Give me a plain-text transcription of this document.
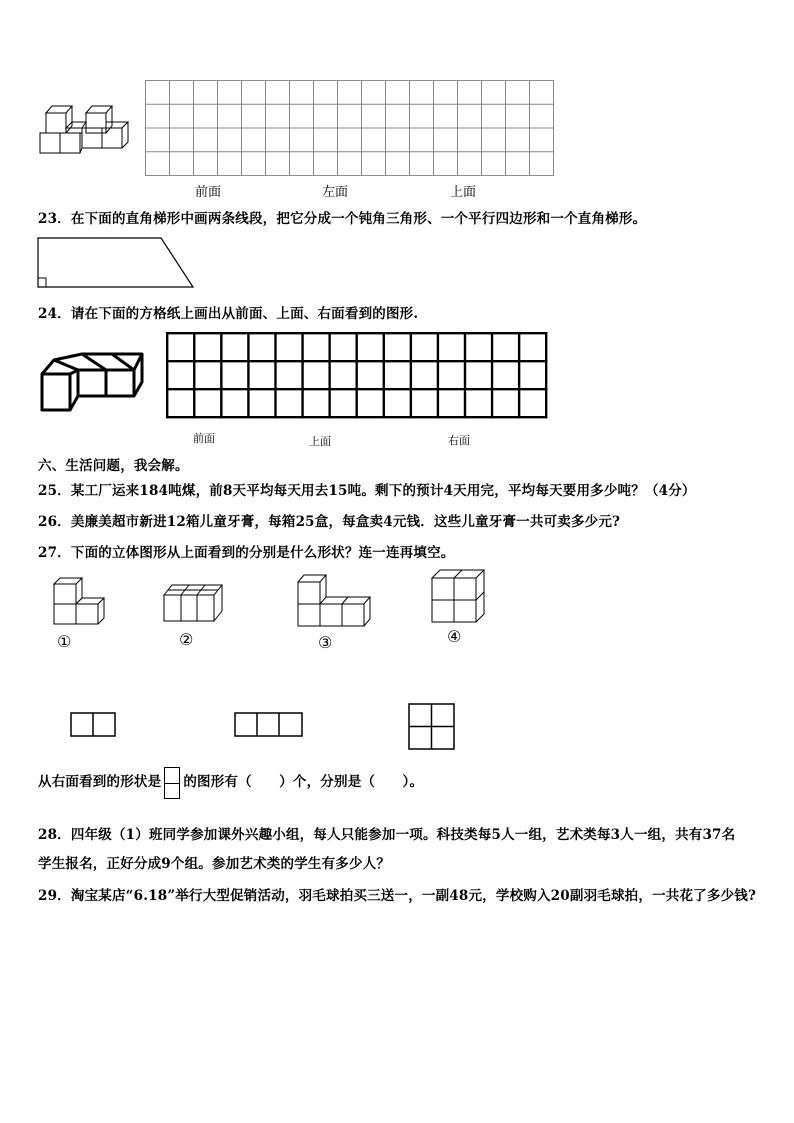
前面	左面	上面
23．在下面的直角梯形中画两条线段，把它分成一个钝角三角形、一个平行四边形和一个直角梯形。
24．请在下面的方格纸上画出从前面、上面、右面看到的图形.
前面	上面	右面
六、生活问题，我会解。
25．某工厂运来184吨煤，前8天平均每天用去15吨。剩下的预计4天用完，平均每天要用多少吨？（4分）
26．美廉美超市新进12箱儿童牙膏，每箱25盒，每盒卖4元钱．这些儿童牙膏一共可卖多少元?
27．下面的立体图形从上面看到的分别是什么形状？连一连再填空。
①	②	③	④
从右面看到的形状是 的图形有（　　）个，分别是（　　）。
28．四年级（1）班同学参加课外兴趣小组，每人只能参加一项。科技类每5人一组，艺术类每3人一组，共有37名
学生报名，正好分成9个组。参加艺术类的学生有多少人？
29．淘宝某店“6.18”举行大型促销活动，羽毛球拍买三送一，一副48元，学校购入20副羽毛球拍，一共花了多少钱?
